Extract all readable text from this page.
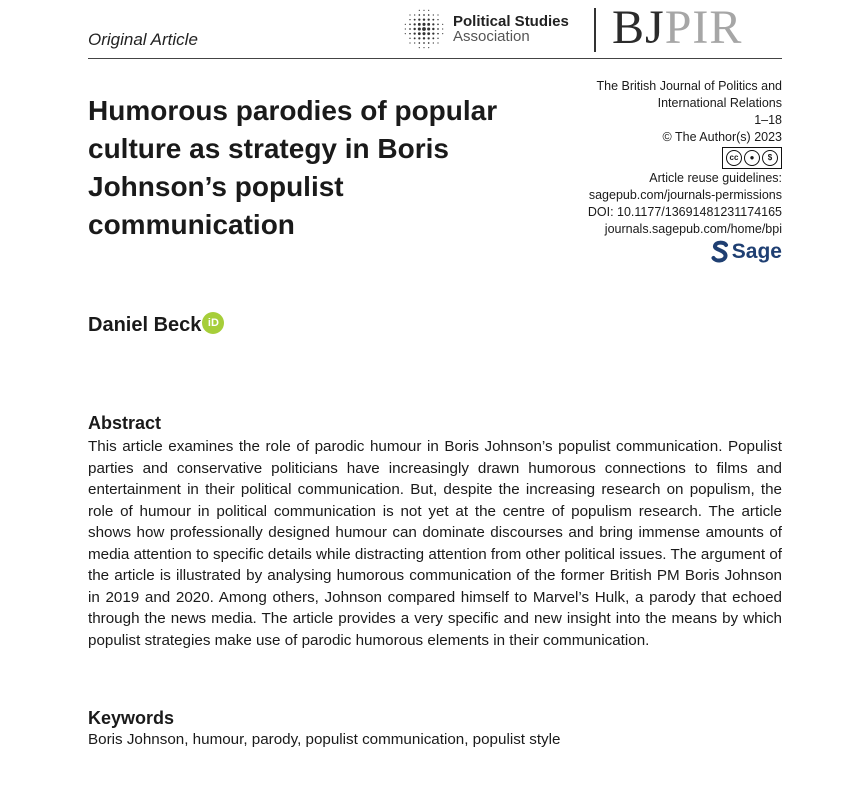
Original Article
Political Studies
Association	BJPIR
Humorous parodies of popular culture as strategy in Boris Johnson’s populist communication
The British Journal of Politics and
International Relations
1–18
© The Author(s) 2023
cc	●	$
Article reuse guidelines:
sagepub.com/journals-permissions
DOI: 10.1177/13691481231174165
journals.sagepub.com/home/bpi
Sage
Daniel Beck iD
Abstract

This article examines the role of parodic humour in Boris Johnson’s populist communication. Populist parties and conservative politicians have increasingly drawn humorous connections to films and entertainment in their political communication. But, despite the increasing research on populism, the role of humour in political communication is not yet at the centre of populism research. The article shows how professionally designed humour can dominate discourses and bring immense amounts of media attention to specific details while distracting attention from other political issues. The argument of the article is illustrated by analysing humorous communication of the former British PM Boris Johnson in 2019 and 2020. Among others, Johnson compared himself to Marvel’s Hulk, a parody that echoed through the news media. The article provides a very specific and new insight into the means by which populist strategies make use of parodic humorous elements in their communication.

Keywords
Boris Johnson, humour, parody, populist communication, populist style
